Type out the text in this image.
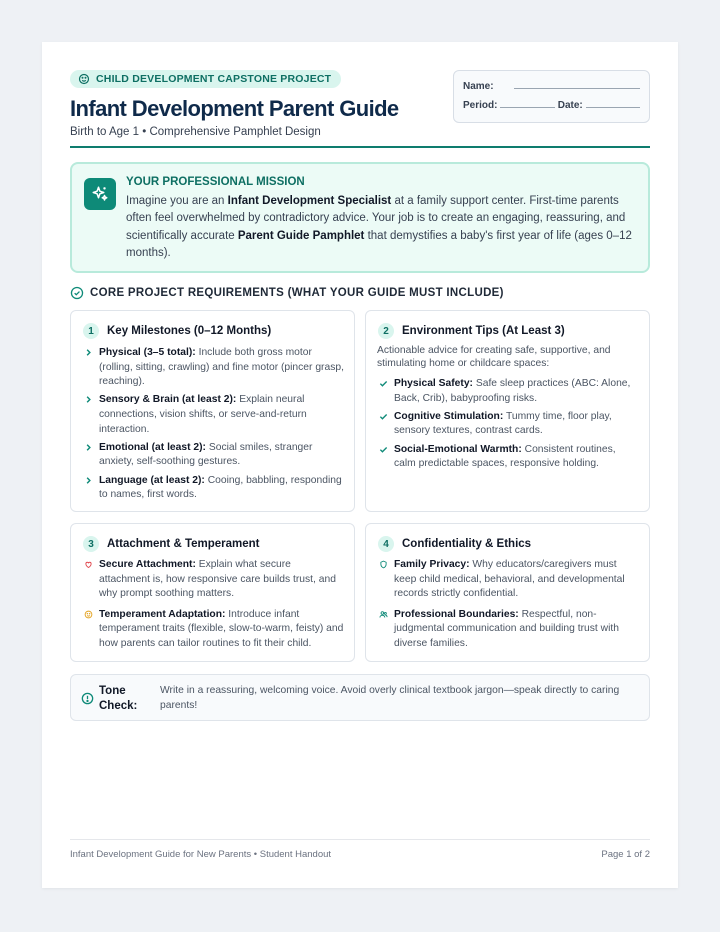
CHILD DEVELOPMENT CAPSTONE PROJECT
Infant Development Parent Guide
Birth to Age 1 • Comprehensive Pamphlet Design
Name:
Period:	Date:
YOUR PROFESSIONAL MISSION
Imagine you are an Infant Development Specialist at a family support center. First-time parents often feel overwhelmed by contradictory advice. Your job is to create an engaging, reassuring, and scientifically accurate Parent Guide Pamphlet that demystifies a baby's first year of life (ages 0–12 months).
CORE PROJECT REQUIREMENTS (WHAT YOUR GUIDE MUST INCLUDE)
1	Key Milestones (0–12 Months)
Physical (3–5 total): Include both gross motor (rolling, sitting, crawling) and fine motor (pincer grasp, reaching).
Sensory & Brain (at least 2): Explain neural connections, vision shifts, or serve-and-return interaction.
Emotional (at least 2): Social smiles, stranger anxiety, self-soothing gestures.
Language (at least 2): Cooing, babbling, responding to names, first words.
2	Environment Tips (At Least 3)
Actionable advice for creating safe, supportive, and stimulating home or childcare spaces:
Physical Safety: Safe sleep practices (ABC: Alone, Back, Crib), babyproofing risks.
Cognitive Stimulation: Tummy time, floor play, sensory textures, contrast cards.
Social-Emotional Warmth: Consistent routines, calm predictable spaces, responsive holding.
3	Attachment & Temperament
Secure Attachment: Explain what secure attachment is, how responsive care builds trust, and why prompt soothing matters.
Temperament Adaptation: Introduce infant temperament traits (flexible, slow-to-warm, feisty) and how parents can tailor routines to fit their child.
4	Confidentiality & Ethics
Family Privacy: Why educators/caregivers must keep child medical, behavioral, and developmental records strictly confidential.
Professional Boundaries: Respectful, non-judgmental communication and building trust with diverse families.
Tone Check:
Write in a reassuring, welcoming voice. Avoid overly clinical textbook jargon—speak directly to caring parents!
Infant Development Guide for New Parents • Student Handout	Page 1 of 2
